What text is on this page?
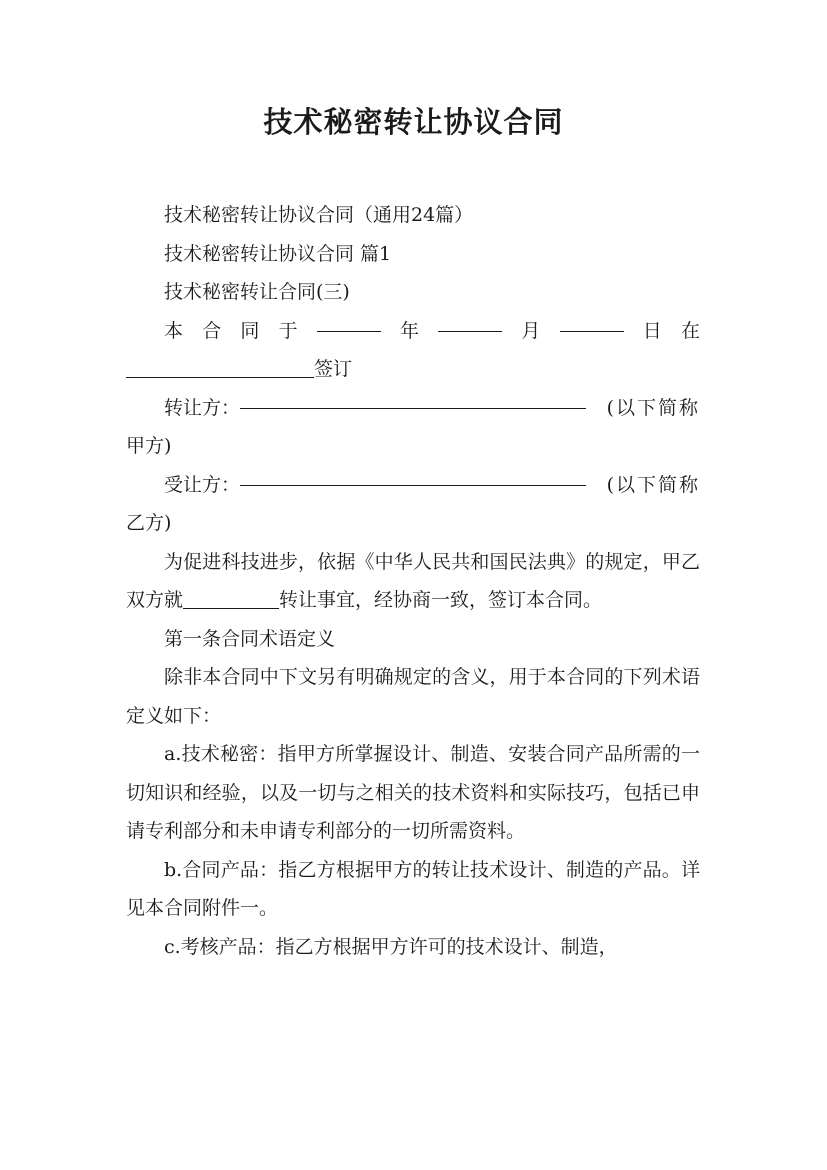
技术秘密转让协议合同

技术秘密转让协议合同（通用24篇）

技术秘密转让协议合同 篇1

技术秘密转让合同(三)

本 合 同 于	年	月	日 在
签订
转让方：	(以下简称
甲方)
受让方：	(以下简称
乙方)

为促进科技进步，依据《中华人民共和国民法典》的规定，甲乙双方就	转让事宜，经协商一致，签订本合同。

第一条合同术语定义

除非本合同中下文另有明确规定的含义，用于本合同的下列术语定义如下：

a.技术秘密：指甲方所掌握设计、制造、安装合同产品所需的一切知识和经验，以及一切与之相关的技术资料和实际技巧，包括已申请专利部分和未申请专利部分的一切所需资料。

b.合同产品：指乙方根据甲方的转让技术设计、制造的产品。详见本合同附件一。

c.考核产品：指乙方根据甲方许可的技术设计、制造，
